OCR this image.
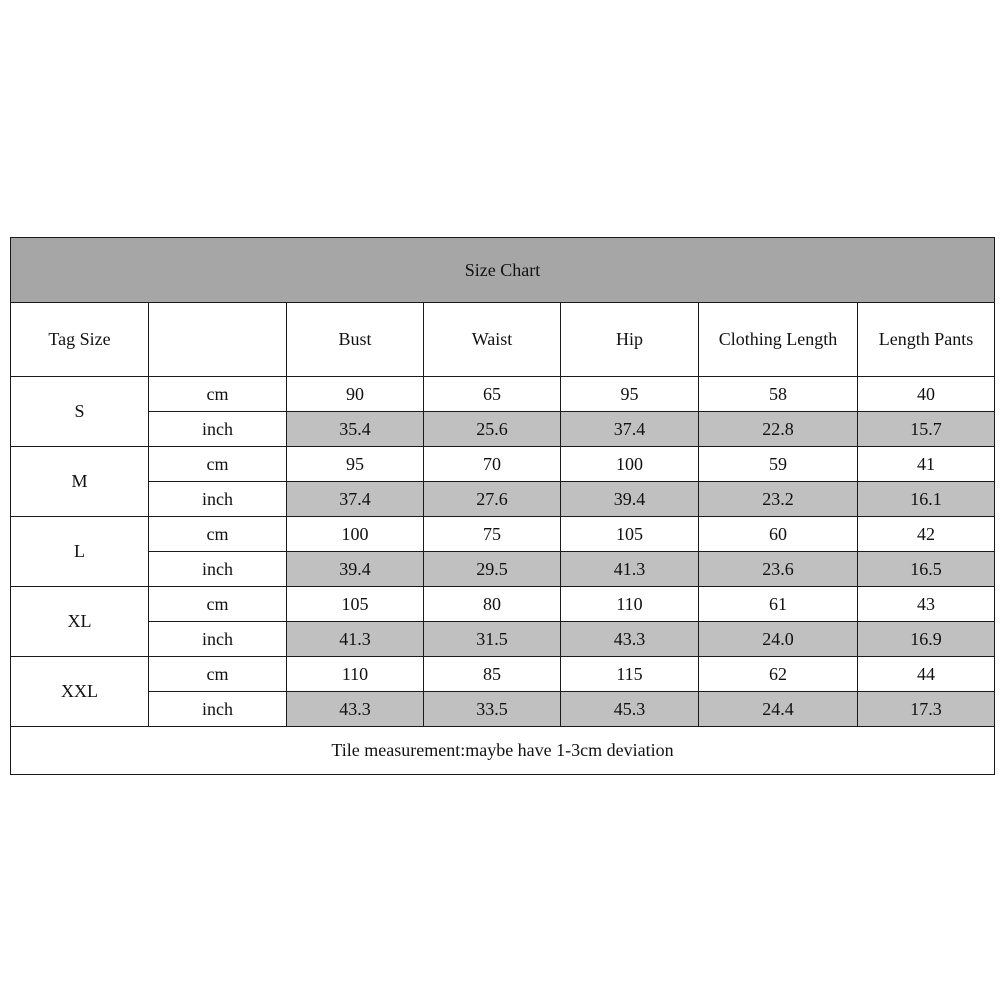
Size Chart						
Tag Size		Bust	Waist	Hip	Clothing Length	Length Pants
S	cm	90	65	95	58	40
	inch	35.4	25.6	37.4	22.8	15.7
M	cm	95	70	100	59	41
	inch	37.4	27.6	39.4	23.2	16.1
L	cm	100	75	105	60	42
	inch	39.4	29.5	41.3	23.6	16.5
XL	cm	105	80	110	61	43
	inch	41.3	31.5	43.3	24.0	16.9
XXL	cm	110	85	115	62	44
	inch	43.3	33.5	45.3	24.4	17.3
Tile measurement:maybe have 1-3cm deviation						
